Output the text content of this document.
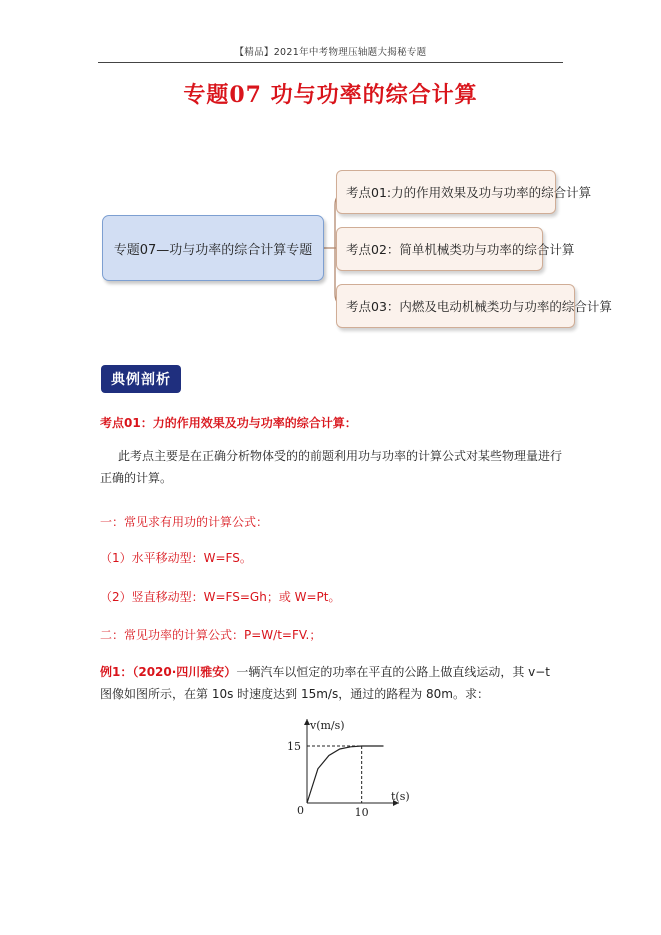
【精品】2021年中考物理压轴题大揭秘专题
专题07 功与功率的综合计算
专题07—功与功率的综合计算专题
考点01:力的作用效果及功与功率的综合计算
考点02：简单机械类功与功率的综合计算
考点03：内燃及电动机械类功与功率的综合计算
典例剖析
考点01：力的作用效果及功与功率的综合计算：
此考点主要是在正确分析物体受的的前题利用功与功率的计算公式对某些物理量进行正确的计算。
一：常见求有用功的计算公式：
（1）水平移动型：W=FS。
（2）竖直移动型：W=FS=Gh；或 W=Pt。
二：常见功率的计算公式：P=W/t=FV.；
例1：（2020·四川雅安）一辆汽车以恒定的功率在平直的公路上做直线运动，其 v−t 图像如图所示，在第 10s 时速度达到 15m/s，通过的路程为 80m。求：
v(m/s)
t(s)
0
15
10
